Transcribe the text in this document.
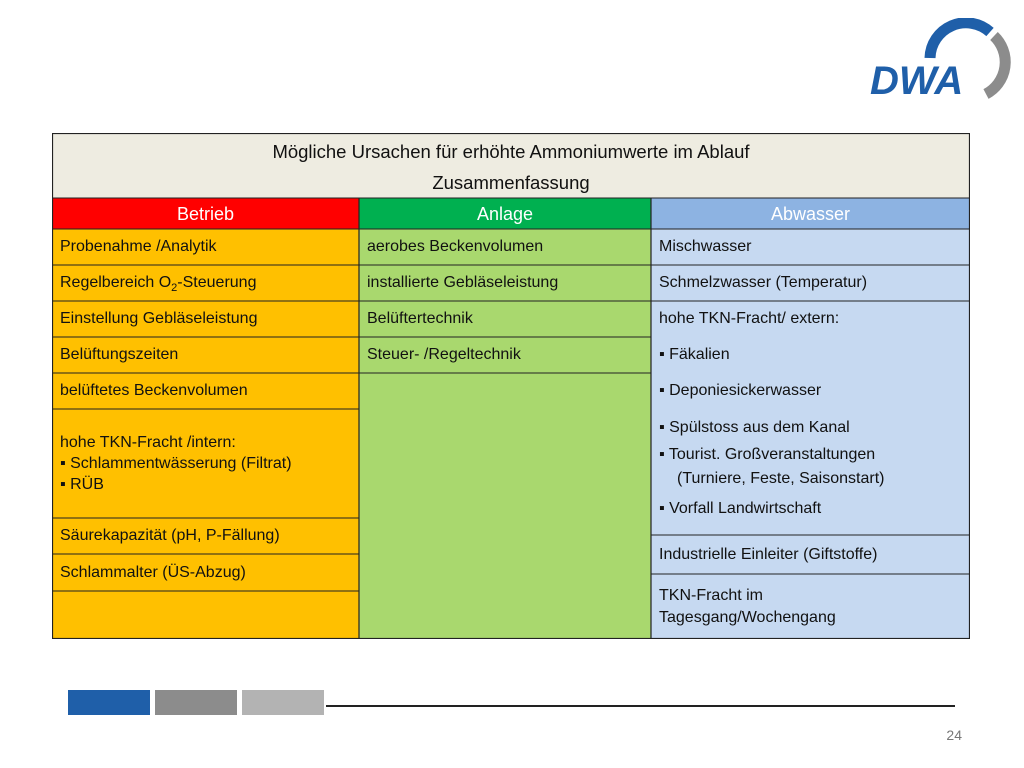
DWA
Mögliche Ursachen für erhöhte Ammoniumwerte im Ablauf
Zusammenfassung
Betrieb	Anlage	Abwasser
Probenahme /Analytik
Regelbereich $O_2$-Steuerung
Einstellung Gebläseleistung
Belüftungszeiten
belüftetes Beckenvolumen
hohe TKN-Fracht /intern:
▪ Schlammentwässerung (Filtrat)
▪ RÜB
Säurekapazität (pH, P-Fällung)
Schlammalter (ÜS-Abzug)
aerobes Beckenvolumen
installierte Gebläseleistung
Belüftertechnik
Steuer- /Regeltechnik
Mischwasser
Schmelzwasser (Temperatur)
hohe TKN-Fracht/ extern:
▪ Fäkalien
▪ Deponiesickerwasser
▪ Spülstoss aus dem Kanal
▪ Tourist. Großveranstaltungen
(Turniere, Feste, Saisonstart)
▪ Vorfall Landwirtschaft
Industrielle Einleiter (Giftstoffe)
TKN-Fracht im
Tagesgang/Wochengang
24
